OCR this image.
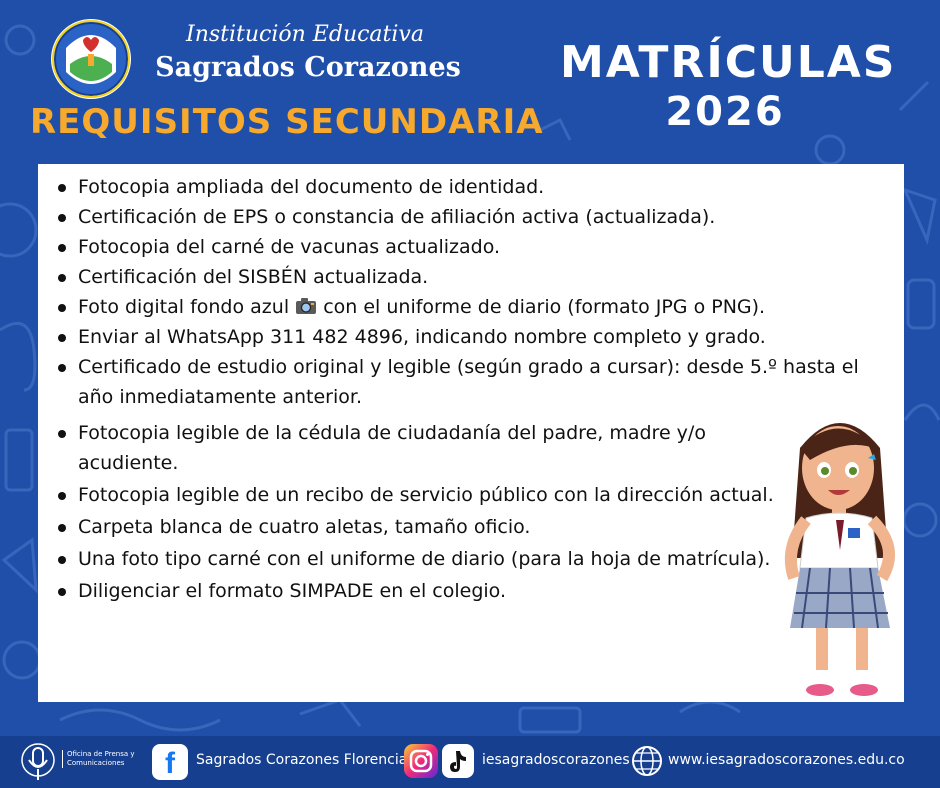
Institución Educativa
Sagrados Corazones
REQUISITOS SECUNDARIA
MATRÍCULAS
2026
Fotocopia ampliada del documento de identidad.
Certificación de EPS o constancia de afiliación activa (actualizada).
Fotocopia del carné de vacunas actualizado.
Certificación del SISBÉN actualizada.
Foto digital fondo azul con el uniforme de diario (formato JPG o PNG).
Enviar al WhatsApp 311 482 4896, indicando nombre completo y grado.
Certificado de estudio original y legible (según grado a cursar): desde 5.º hasta el año inmediatamente anterior.
Fotocopia legible de la cédula de ciudadanía del padre, madre y/o acudiente.
Fotocopia legible de un recibo de servicio público con la dirección actual.
Carpeta blanca de cuatro aletas, tamaño oficio.
Una foto tipo carné con el uniforme de diario (para la hoja de matrícula).
Diligenciar el formato SIMPADE en el colegio.
Oficina de Prensa y Comunicaciones	f	Sagrados Corazones Florencia	iesagradoscorazones	www.iesagradoscorazones.edu.co
